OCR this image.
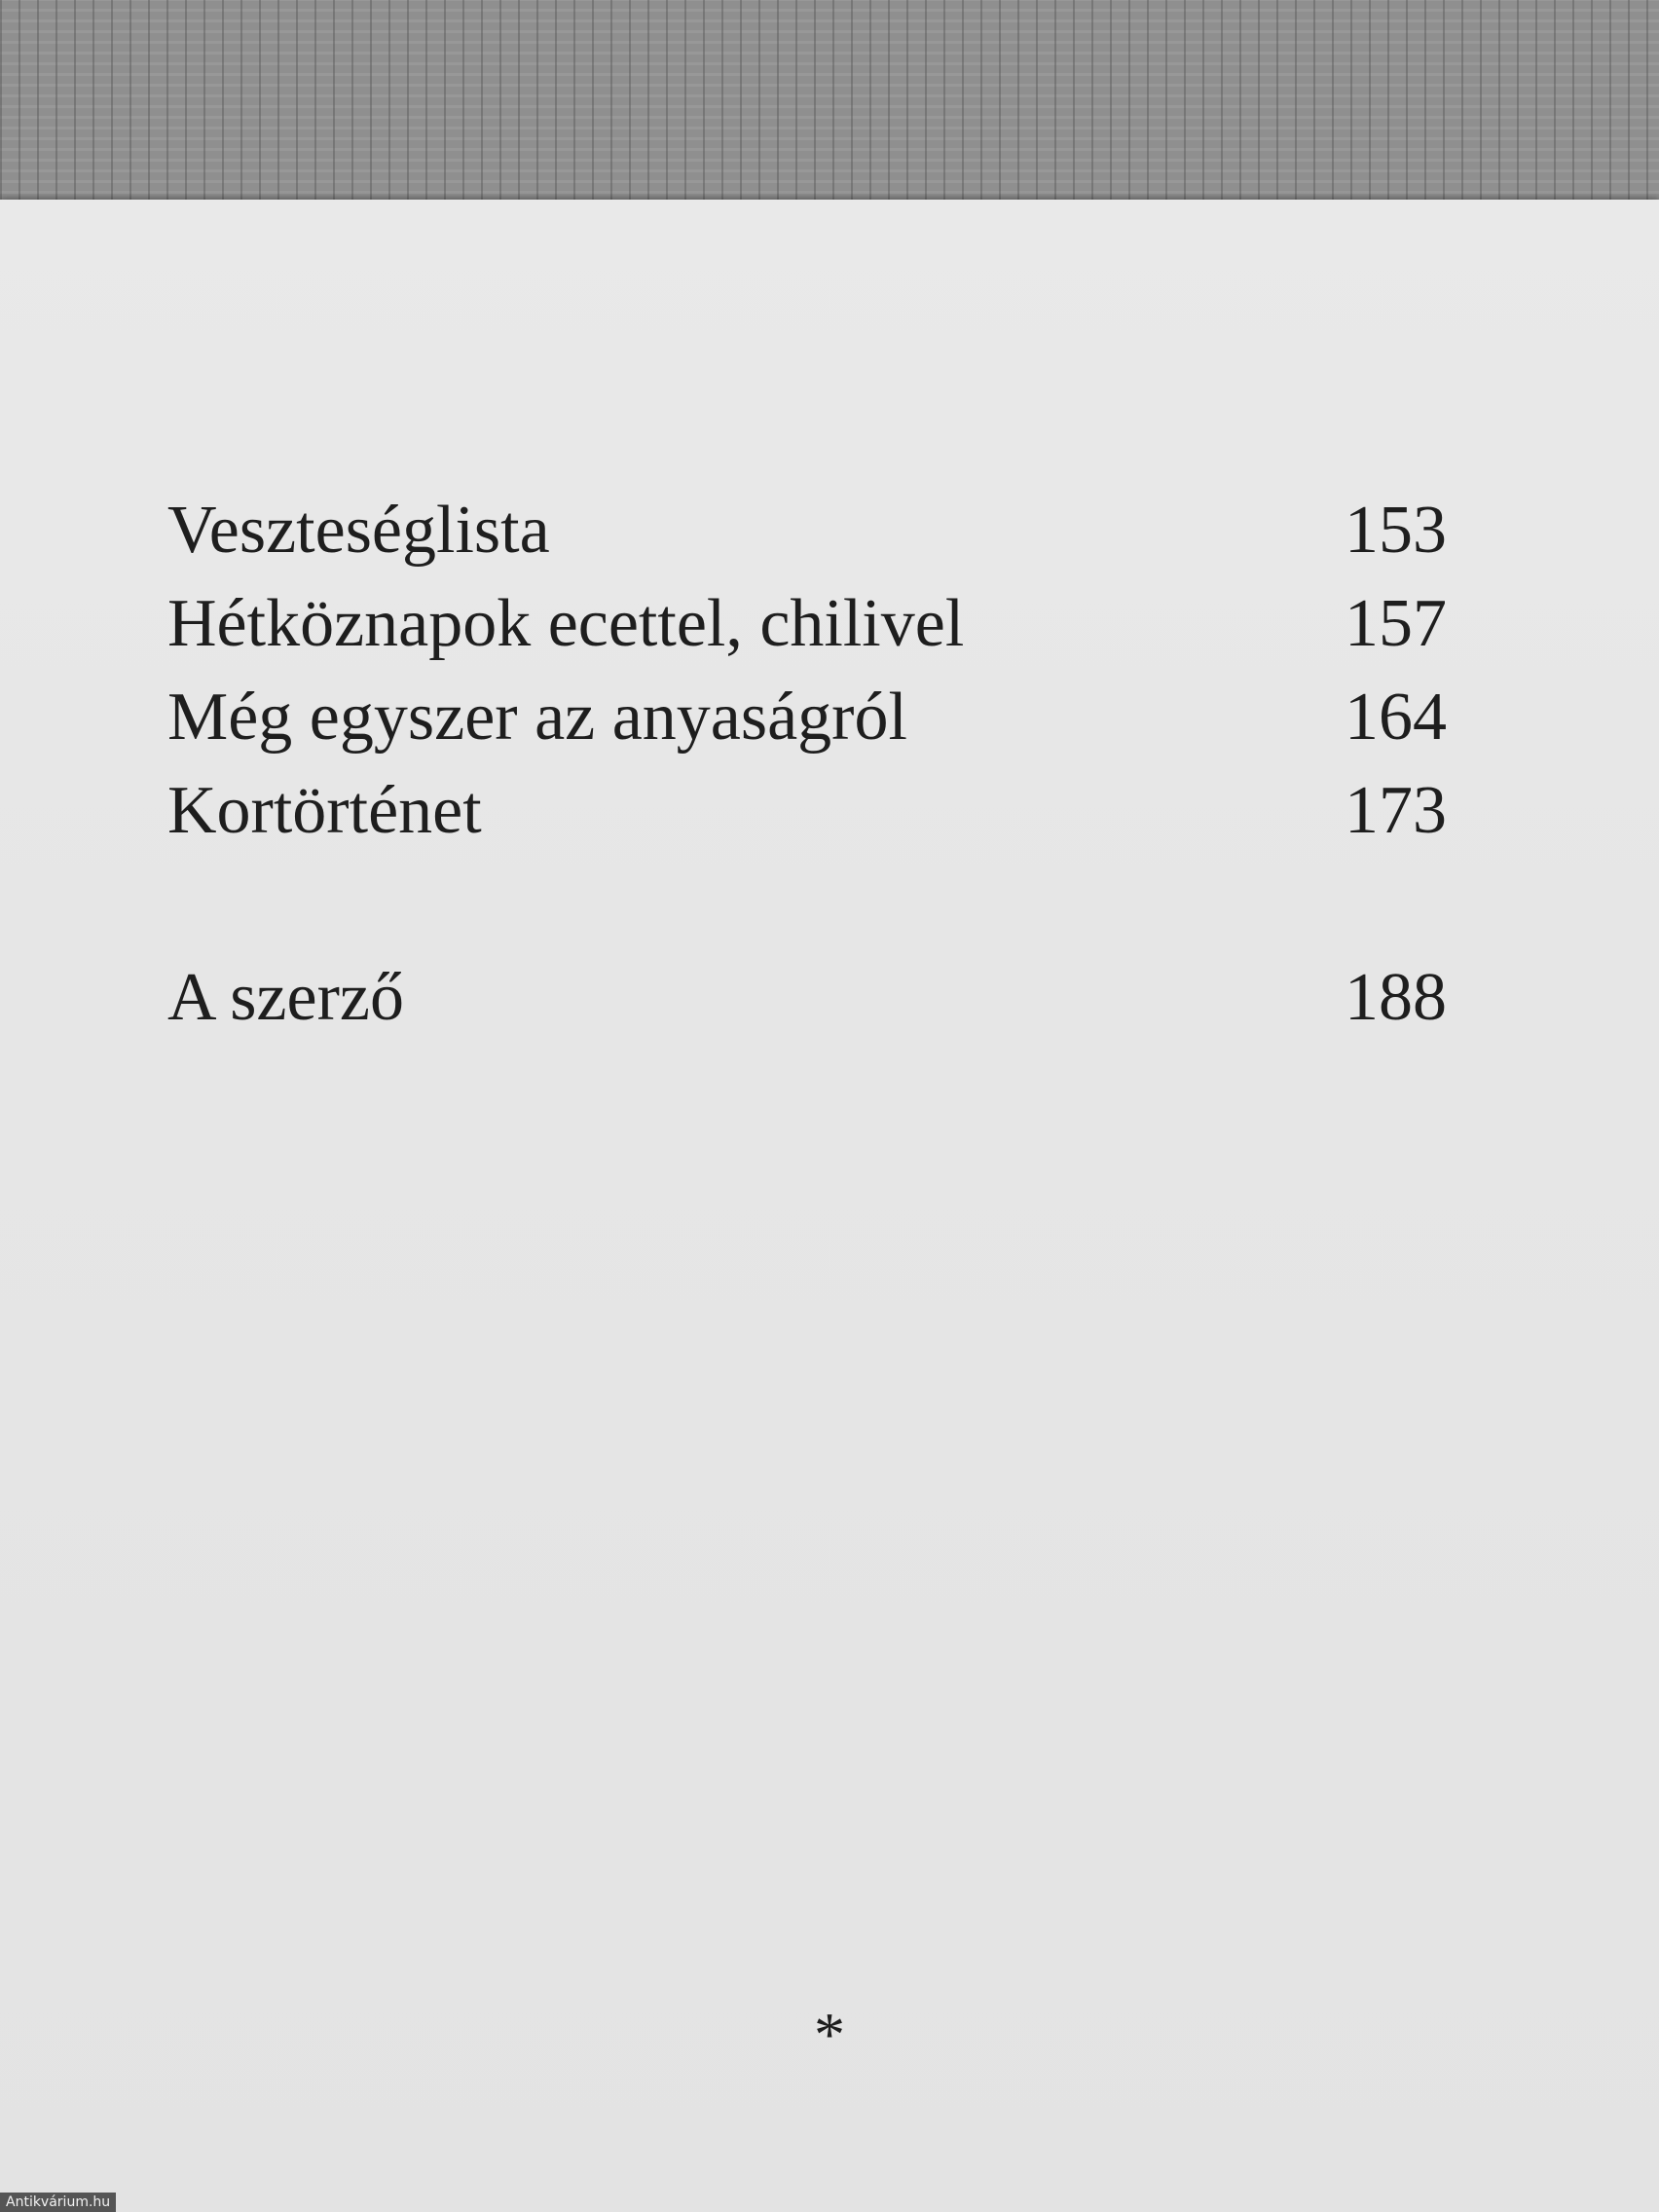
Veszteséglista	153
Hétköznapok ecettel, chilivel	157
Még egyszer az anyaságról	164
Kortörténet	173
A szerző	188
*
Antikvárium.hu
